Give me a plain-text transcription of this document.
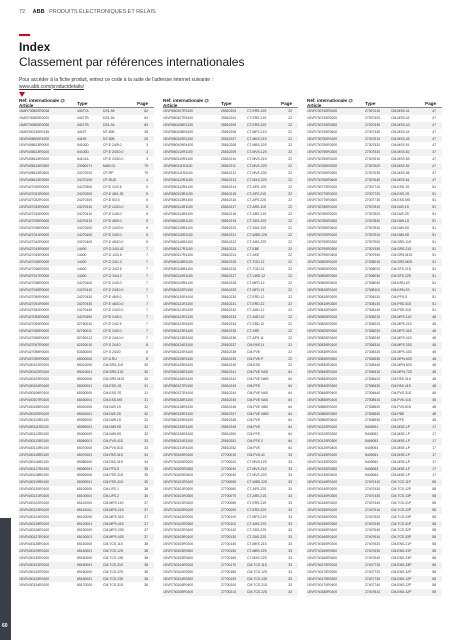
72 ABB PRODUITS ÉLECTRONIQUES ET RELAIS
Index
Classement par références internationales
Pour accéder à la fiche produit, entrez ce code à la suite de l'adresse internet suivante :
www.abb.com/productdetails/
Réf. internationale @ Article	Type	Page
1SAR700820R0018	44077A	DS1-94	62
1SAR700820R0020	44077B	DS1-94	63
1SAR700820R0030	44077B	DS1-94	63
1SAR330130R0135	44197	NT-30B	28
1SVR405600R1000	44199	NT-30B	28
1SVR405613R0000	54100D	CP-E 24/5.0	3
1SVR405613R0100	54100D	CP-E 24/10.0	3
1SVR405613R0200	54101A	CP-E 24/20.0	3
1SVR405613R0300	23060071	MAR-01	79
1SVR405613R0400	24270020	CP-RP	79
1SVR405613R3000	24270100	CP-RUD	4
1SVR427030R0000	24270300	CP-E 12/2.5	5
1SVR427031R0000	24270200	CP-E 48/1.25	5
1SVR427032R0100	24270300	CP-E 5/3.0	5
1SVR427033R0000	24270310	CP-E 12/10.0	5
1SVR427034R0000	24270410	CP-E 24/5.0	5
1SVR427035R0000	24270410	CP-E 48/5.0	5
1SVR427036R0000	24270000	CP-E 24/20.0	5
1SVR427041R0000	24270400	CP-E 24/5.0	5
1SVR427042R0000	24270400	CP-E 48/10.0	5
1SVR427043R0000	14400	CP-D 24/0.42	7
1SVR427044R0000	14400	CP-D 12/0.5	7
1SVR427045R0000	14400	CP-D 24/1.3	7
1SVR427046R0100	14400	CP-D 24/2.5	7
1SVR427047R0000	14400	CP-D 24/4.2	7
1SVR427048R0000	24270400	CP-E 24/5.0	7
1SVR427049R0000	24270410	CP-E 24/10.0	7
1SVR427050R0000	24270420	CP-E 48/5.0	7
1SVR427051R0000	24270430	CP-E 48/10.0	7
1SVR427052R0000	24270440	CP-E 24/20.0	7
1SVR427053R0000	24270450	CP-E 24/5.0	7
1SVR427054R0000	52760010	CP-E 24/2.5	7
1SVR427055R0000	52760011	CP-E 24/5.0	7
1SVR427056R0000	52760012	CP-E 24/10.0	7
1SVR427057R0000	62020010	CP-S 24/10	8
1SVR427058R0000	63030000	CP-S 24/20	8
1SVR427059R0000	65000000	CP-A RU	8
1SVR430101R0100	65010000	CM-SRS.11S	30
1SVR430102R0100	65010001	CM-SRS.21S	30
1SVR430103R0100	65020000	CM-SRS.M1S	30
1SVR430104R0100	65020001	CM-ESS.1S	31
1SVR430106R0100	65030000	CM-ESS.2S	31
1SVR430107R0100	65030001	CM-ESS.MS	31
1SVR430108R0100	65040000	CM-IWS.1S	32
1SVR430109R0100	65040001	CM-IWS.2S	32
1SVR430110R0100	65050000	CM-IWN.1S	32
1SVR430111R0100	65050001	CM-IWN.5S	32
1SVR430112R0100	65060000	CM-IWN.6S	32
1SVR430113R0100	65060001	CM-PVS.41S	33
1SVR430114R0100	65070000	CM-PVS.81S	33
1SVR430115R0100	65070001	CM-PAS.31S	34
1SVR430116R0100	65080000	CM-PAS.41S	34
1SVR430117R0100	65080001	CM-PFS.S	35
1SVR430118R0100	65090000	CM-PSS.31S	35
1SVR430119R0100	65090001	CM-PSS.41S	35
1SVR430120R0100	65100000	CM-UFS.1	36
1SVR430121R0100	65100001	CM-UFS.2	36
1SVR430122R0100	65110000	CM-MPS.11S	37
1SVR430123R0100	65110001	CM-MPS.21S	37
1SVR430124R0100	65120000	CM-MPS.31S	37
1SVR430125R0100	65120001	CM-MPS.41S	37
1SVR430126R0100	65130000	CM-MPS.23S	37
1SVR430127R0100	65130001	CM-MPS.43S	37
1SVR430128R0100	65140000	CM-TCS.11S	38
1SVR430129R0100	65140001	CM-TCS.12S	38
1SVR430130R0100	65150000	CM-TCS.13S	38
1SVR430131R0100	65150001	CM-TCS.21S	38
1SVR430132R0100	65160000	CM-TCS.22S	38
1SVR430133R0100	65160001	CM-TCS.23S	38
1SVR430134R0100	65170000	CM-TCS.31S	38
Réf. internationale @ Article	Type	Page
1SVR550107R1100	25510203	CT-ERS.12S	22
1SVR550107R4100	25510204	CT-ERS.21S	22
1SVR550108R1100	25510205	CT-ERS.22S	22
1SVR550108R4100	25510206	CT-MFS.21S	22
1SVR550109R1100	25510207	CT-MKS.21S	22
1SVR550109R4100	25510208	CT-MBS.22S	22
1SVR550110R1100	25510209	CT-MVS.12S	22
1SVR550110R4100	25510210	CT-MVS.21S	22
1SVR550111R1100	25510211	CT-MVS.22S	22
1SVR550111R4100	25510212	CT-MVS.23S	22
1SVR550112R1100	25510213	CT-MXS.22S	22
1SVR550112R4100	25510214	CT-APS.12S	22
1SVR550113R1100	25510215	CT-APS.21S	22
1SVR550113R4100	25510216	CT-APS.22S	22
1SVR550114R1100	25510217	CT-ARS.11S	22
1SVR550114R4100	25510218	CT-ARS.21S	22
1SVR550115R1100	25510219	CT-SDS.22S	22
1SVR550115R4100	25510220	CT-SAS.22S	22
1SVR550116R1100	25510221	CT-WBS.22S	22
1SVR550116R4100	25510222	CT-AHS.22S	22
1SVR550117R1100	25510223	CT-EBE	22
1SVR550117R4100	25510224	CT-AKE	22
1SVR550118R1100	25510225	CT-TGD.12	22
1SVR550118R4100	25510226	CT-TGD.22	22
1SVR550119R1100	25510227	CT-VWD.12	22
1SVR550119R4100	25510228	CT-MFD.12	22
1SVR550120R1100	25510229	CT-MFD.21	22
1SVR550120R4100	25510230	CT-ERD.12	22
1SVR550121R1100	25510231	CT-ERD.22	22
1SVR550121R4100	25510232	CT-AHD.12	22
1SVR550122R1100	25510233	CT-AHD.22	22
1SVR550122R4100	25510234	CT-EBD.12	22
1SVR550123R1100	25510235	CT-ARE	22
1SVR550123R4100	25510236	CT-APS.11	22
1SVR550124R1100	25510237	CM-PAS.11	22
1SVR550124R4100	25510238	CM-PVE	22
1SVR550125R1100	25510239	CM-PVE.P	22
1SVR550125R4100	25510240	CM-ESE	22
1SVR550126R1100	25510241	CM-PVE NAS	64
1SVR550126R4100	25510242	CM-PVE NMS	64
1SVR550127R1100	25510243	CM-PFE	64
1SVR550127R4100	25510244	CM-PVE NAS	64
1SVR550128R1100	25510245	CM-PVE NAS	64
1SVR550128R4100	25510246	CM-PVE NBS	64
1SVR550129R1100	25510247	CM-PVE NMS	64
1SVR550129R4100	25510248	CM-PVE	64
1SVR550130R1100	25510249	CM-PVE	64
1SVR550130R4100	25510250	CM-PFE	64
1SVR550131R1100	25510251	CM-PFE.2	64
1SVR550131R4100	25510252	CM-PVE	64
1SVR730100R0100	27700010	CM-PVS.41	33
1SVR730100R0200	27700020	CT-MVS.12S	33
1SVR730100R0300	27700030	CT-MVS.21S	33
1SVR730100R0400	27700040	CT-MVS.22S	33
1SVR730101R0100	27700050	CT-WBS.22S	33
1SVR730101R0200	27700060	CT-APS.22S	33
1SVR730101R0300	27700070	CT-ARS.21S	33
1SVR730101R0400	27700080	CT-ERS.21S	33
1SVR730102R0100	27700090	CT-ERS.22S	33
1SVR730102R0200	27700100	CT-MFS.21S	33
1SVR730102R0300	27700110	CT-AHS.22S	33
1SVR730102R0400	27700120	CT-SDS.22S	33
1SVR730103R0100	27700130	CT-SAS.22S	33
1SVR730103R0200	27700140	CT-MKS.21S	33
1SVR730103R0300	27700150	CT-MBS.22S	33
1SVR730103R0400	27700160	CT-MXS.22S	33
1SVR730104R0100	27700170	CM-TCS.11S	33
1SVR730104R0200	27700180	CM-TCS.12S	33
1SVR730104R0300	27700190	CM-TCS.13S	33
1SVR730104R0400	27700200	CM-TCS.21S	33
1SVR730105R0100	27700210	CM-TCS.22S	33
Réf. internationale @ Article	Type	Page
1SVR730740R0100	27307410	CM-MSS.41	47
1SVR730740R0200	27307420	CM-MSS.42	47
1SVR730740R0300	27307430	CM-MSS.43	47
1SVR730740R0400	27307440	CM-MSS.44	47
1SVR730750R0100	27307510	CM-MSS.45	47
1SVR730750R0200	27307520	CM-MSS.51	47
1SVR730750R0300	27307530	CM-MSS.52	47
1SVR730760R0100	27307610	CM-MSS.53	47
1SVR730760R0200	27307620	CM-MSS.54	47
1SVR730760R0300	27307630	CM-MSS.55	47
1SVR730760R0400	27307640	CM-MSS.61	47
1SVR730770R0100	27307710	CM-ESS.1S	51
1SVR730770R0200	27307720	CM-ESS.2S	51
1SVR730770R0300	27307730	CM-ESS.MS	51
1SVR730780R0100	27307810	CM-IWS.1S	51
1SVR730780R0200	27307820	CM-IWS.2S	51
1SVR730780R0300	27307830	CM-IWN.1S	51
1SVR730780R0400	27307840	CM-IWN.5S	51
1SVR730790R0100	27307910	CM-IWN.6S	51
1SVR730790R0200	27307920	CM-SRS.11S	51
1SVR730790R0300	27307930	CM-SRS.21S	51
1SVR730790R0400	27307940	CM-SRS.M1S	51
1SVR730800R0100	27308010	CM-SRS.M2S	51
1SVR730800R0200	27308020	CM-SFS.21S	51
1SVR730800R0300	27308030	CM-SFS.22S	51
1SVR730800R0400	27308040	CM-KRN.1S	51
1SVR730810R0100	27308110	CM-KRN.2S	51
1SVR730810R0200	27308120	CM-PFS.S	51
1SVR730810R0300	27308130	CM-PSS.31S	51
1SVR730810R0400	27308140	CM-PSS.41S	51
1SVR730820R0100	27308210	CM-MPS.11S	48
1SVR730820R0200	27308220	CM-MPS.21S	48
1SVR730820R0300	27308230	CM-MPS.31S	48
1SVR730820R0400	27308240	CM-MPS.41S	48
1SVR730830R0100	27308310	CM-MPS.23S	48
1SVR730830R0200	27308320	CM-MPS.43S	48
1SVR730830R0300	27308330	CM-MPN.52S	48
1SVR730830R0400	27308340	CM-MPN.62S	48
1SVR730840R0100	27308410	CM-MPN.72S	48
1SVR730840R0200	27308420	CM-PAS.31S	48
1SVR730840R0300	27308430	CM-PAS.41S	48
1SVR730840R0400	27308440	CM-PVS.31S	48
1SVR730850R0100	27308510	CM-PVS.41S	48
1SVR730850R0200	27308520	CM-PVS.81S	48
1SVR730850R0300	27308530	CM-PBE	48
1SVR730850R0400	27308540	CM-PFE	48
1SVR740120R0100	5449051	CM-MSE-LP	17
1SVR740120R0200	5449052	CM-MSE-LP	17
1SVR740120R0300	5449053	CM-MSE-LP	17
1SVR740120R0400	5449054	CM-MSE-LP	17
1SVR740130R0100	5449061	CM-MSE-LP	17
1SVR740130R0200	5449062	CM-MSE-LP	17
1SVR740130R0300	5449063	CM-MSE-LP	17
1SVR740130R0400	5449064	CM-MSE-LP	17
1SVR740140R0100	27407410	CM-TCS.11P	58
1SVR740140R0200	27407420	CM-TCS.12P	58
1SVR740140R0300	27407430	CM-TCS.13P	58
1SVR740140R0400	27407440	CM-TCS.21P	58
1SVR740150R0100	27407510	CM-TCS.22P	58
1SVR740150R0200	27407520	CM-TCS.23P	58
1SVR740150R0300	27407530	CM-TCS.31P	58
1SVR740150R0400	27407540	CM-TCS.32P	58
1SVR740160R0100	27407610	CM-TCS.33P	58
1SVR740160R0200	27407620	CM-ENS.21P	58
1SVR740160R0300	27407630	CM-ENS.31P	58
1SVR740160R0400	27407640	CM-ENS.23P	58
1SVR740170R0100	27407710	CM-ENS.33P	58
1SVR740170R0200	27407720	CM-ENS.32P	58
1SVR740170R0300	27407730	CM-ENS.12P	58
1SVR740170R0400	27407740	CM-ENS.22P	58
1SVR740180R0100	27407810	CM-ENS.42P	58
60
